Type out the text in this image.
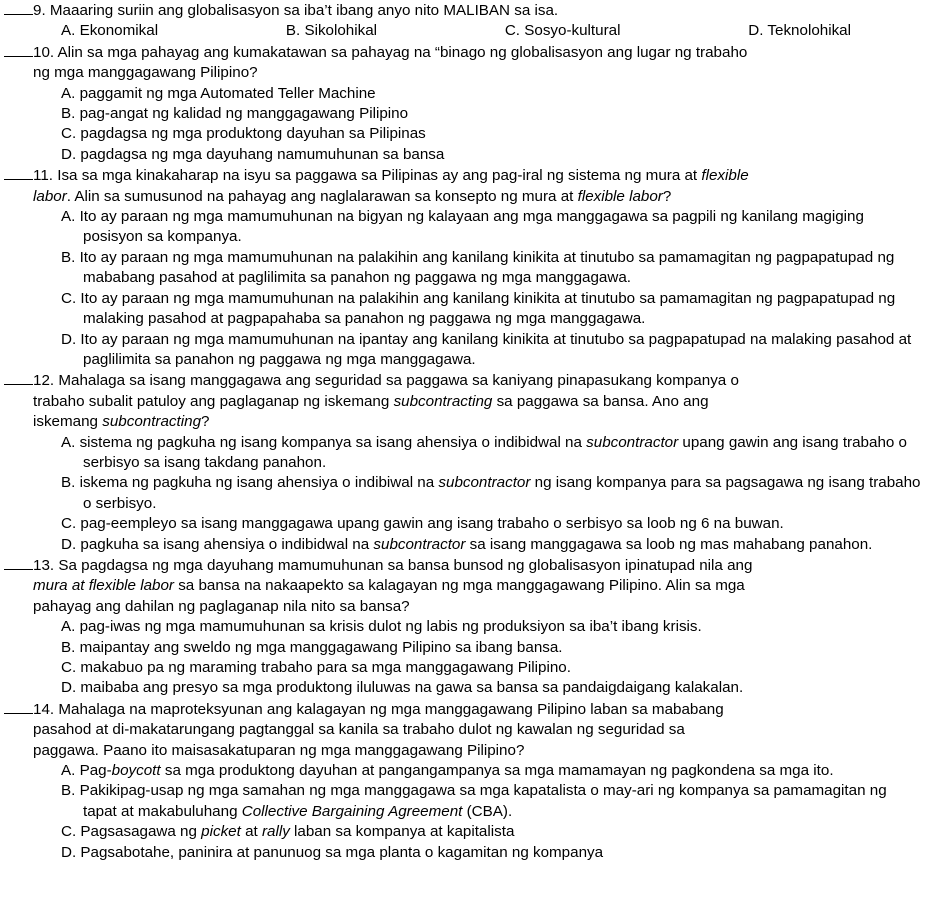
9. Maaaring suriin ang globalisasyon sa iba’t ibang anyo nito MALIBAN sa isa.
A. Ekonomikal	B. Sikolohikal	C. Sosyo-kultural	D. Teknolohikal
10. Alin sa mga pahayag ang kumakatawan sa pahayag na “binago ng globalisasyon ang lugar ng trabaho
ng mga manggagawang Pilipino?
A. paggamit ng mga Automated Teller Machine
B. pag-angat ng kalidad ng manggagawang Pilipino
C. pagdagsa ng mga produktong dayuhan sa Pilipinas
D. pagdagsa ng mga dayuhang namumuhunan sa bansa
11. Isa sa mga kinakaharap na isyu sa paggawa sa Pilipinas ay ang pag-iral ng sistema ng mura at flexible
labor. Alin sa sumusunod na pahayag ang naglalarawan sa konsepto ng mura at flexible labor?
A. Ito ay paraan ng mga mamumuhunan na bigyan ng kalayaan ang mga manggagawa sa pagpili ng kanilang magiging posisyon sa kompanya.
B. Ito ay paraan ng mga mamumuhunan na palakihin ang kanilang kinikita at tinutubo sa pamamagitan ng pagpapatupad ng mababang pasahod at paglilimita sa panahon ng paggawa ng mga manggagawa.
C. Ito ay paraan ng mga mamumuhunan na palakihin ang kanilang kinikita at tinutubo sa pamamagitan ng pagpapatupad ng malaking pasahod at pagpapahaba sa panahon ng paggawa ng mga manggagawa.
D. Ito ay paraan ng mga mamumuhunan na ipantay ang kanilang kinikita at tinutubo sa pagpapatupad na malaking pasahod at paglilimita sa panahon ng paggawa ng mga manggagawa.
12. Mahalaga sa isang manggagawa ang seguridad sa paggawa sa kaniyang pinapasukang kompanya o
trabaho subalit patuloy ang paglaganap ng iskemang subcontracting sa paggawa sa bansa. Ano ang
iskemang subcontracting?
A. sistema ng pagkuha ng isang kompanya sa isang ahensiya o indibidwal na subcontractor upang gawin ang isang trabaho o serbisyo sa isang takdang panahon.
B. iskema ng pagkuha ng isang ahensiya o indibiwal na subcontractor ng isang kompanya para sa pagsagawa ng isang trabaho o serbisyo.
C. pag-eempleyo sa isang manggagawa upang gawin ang isang trabaho o serbisyo sa loob ng 6 na buwan.
D. pagkuha sa isang ahensiya o indibidwal na subcontractor sa isang manggagawa sa loob ng mas mahabang panahon.
13. Sa pagdagsa ng mga dayuhang mamumuhunan sa bansa bunsod ng globalisasyon ipinatupad nila ang
mura at flexible labor sa bansa na nakaapekto sa kalagayan ng mga manggagawang Pilipino. Alin sa mga
pahayag ang dahilan ng paglaganap nila nito sa bansa?
A. pag-iwas ng mga mamumuhunan sa krisis dulot ng labis ng produksiyon sa iba’t ibang krisis.
B. maipantay ang sweldo ng mga manggagawang Pilipino sa ibang bansa.
C. makabuo pa ng maraming trabaho para sa mga manggagawang Pilipino.
D. maibaba ang presyo sa mga produktong iluluwas na gawa sa bansa sa pandaigdaigang kalakalan.
14. Mahalaga na maproteksyunan ang kalagayan ng mga manggagawang Pilipino laban sa mababang
pasahod at di-makatarungang pagtanggal sa kanila sa trabaho dulot ng kawalan ng seguridad sa
paggawa. Paano ito maisasakatuparan ng mga manggagawang Pilipino?
A. Pag-boycott sa mga produktong dayuhan at pangangampanya sa mga mamamayan ng pagkondena sa mga ito.
B. Pakikipag-usap ng mga samahan ng mga manggagawa sa mga kapatalista o may-ari ng kompanya sa pamamagitan ng tapat at makabuluhang Collective Bargaining Agreement (CBA).
C. Pagsasagawa ng picket at rally laban sa kompanya at kapitalista
D. Pagsabotahe, paninira at panunuog sa mga planta o kagamitan ng kompanya
